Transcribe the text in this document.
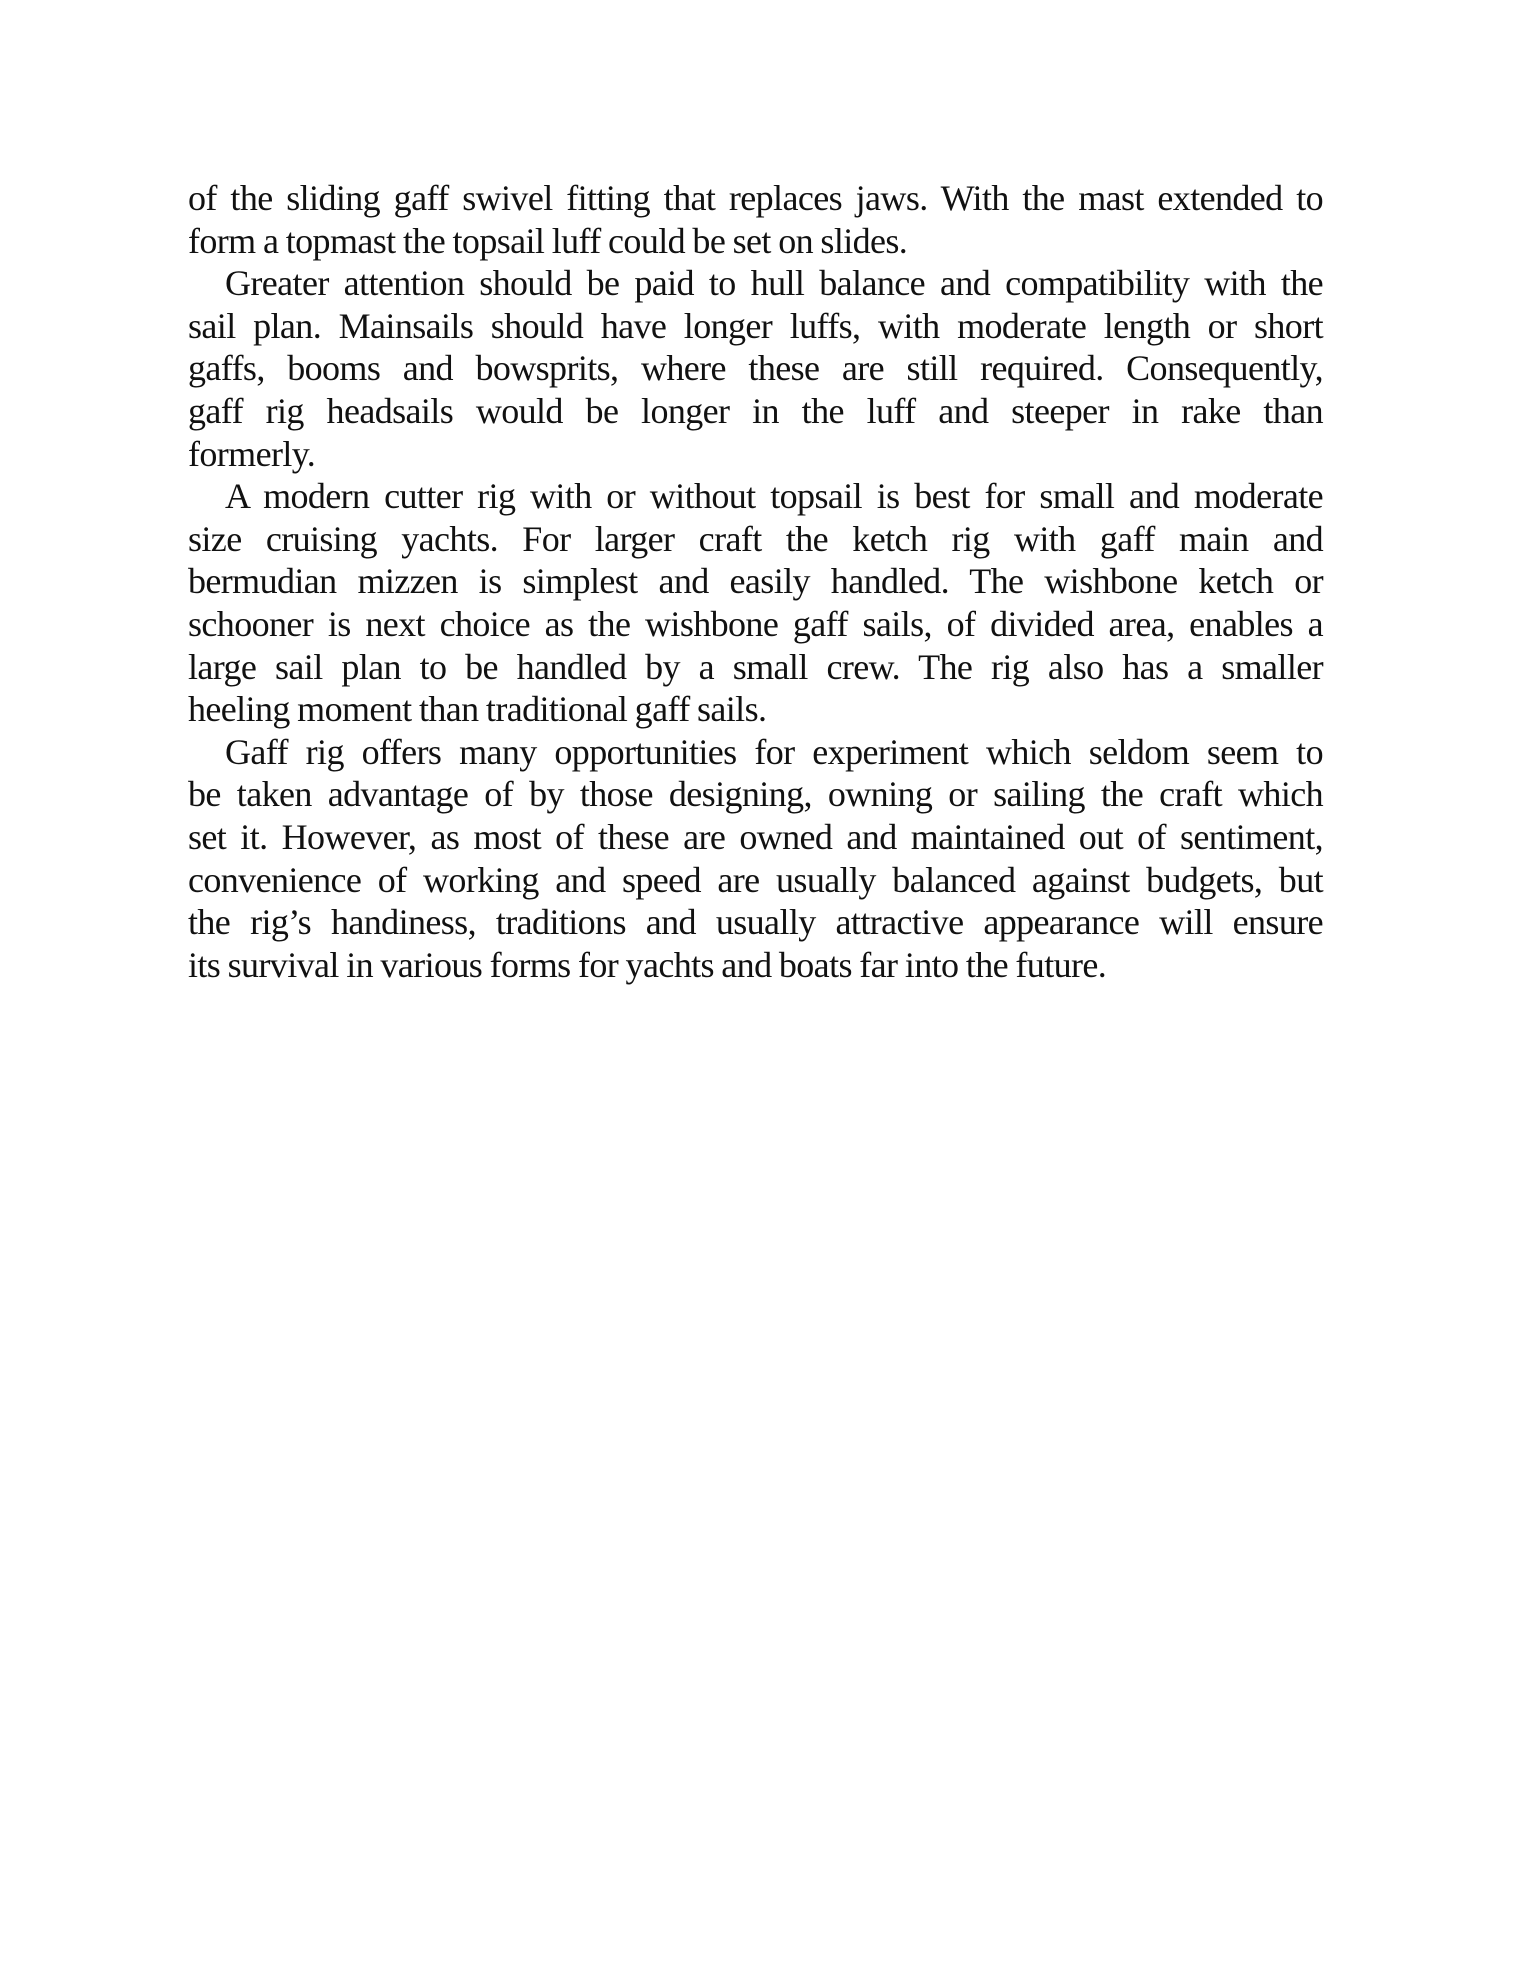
of the sliding gaff swivel fitting that replaces jaws. With the mast extended to
form a topmast the topsail luff could be set on slides.
Greater attention should be paid to hull balance and compatibility with the
sail plan. Mainsails should have longer luffs, with moderate length or short
gaffs, booms and bowsprits, where these are still required. Consequently,
gaff rig headsails would be longer in the luff and steeper in rake than
formerly.
A modern cutter rig with or without topsail is best for small and moderate
size cruising yachts. For larger craft the ketch rig with gaff main and
bermudian mizzen is simplest and easily handled. The wishbone ketch or
schooner is next choice as the wishbone gaff sails, of divided area, enables a
large sail plan to be handled by a small crew. The rig also has a smaller
heeling moment than traditional gaff sails.
Gaff rig offers many opportunities for experiment which seldom seem to
be taken advantage of by those designing, owning or sailing the craft which
set it. However, as most of these are owned and maintained out of sentiment,
convenience of working and speed are usually balanced against budgets, but
the rig’s handiness, traditions and usually attractive appearance will ensure
its survival in various forms for yachts and boats far into the future.
